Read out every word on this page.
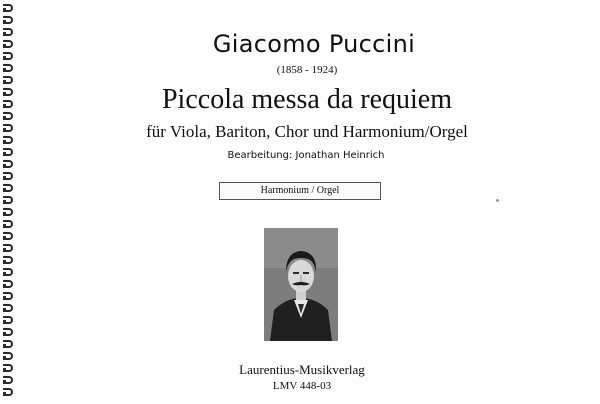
Giacomo Puccini
(1858 - 1924)
Piccola messa da requiem
für Viola, Bariton, Chor und Harmonium/Orgel
Bearbeitung: Jonathan Heinrich
Harmonium / Orgel
Laurentius-Musikverlag
LMV 448-03
